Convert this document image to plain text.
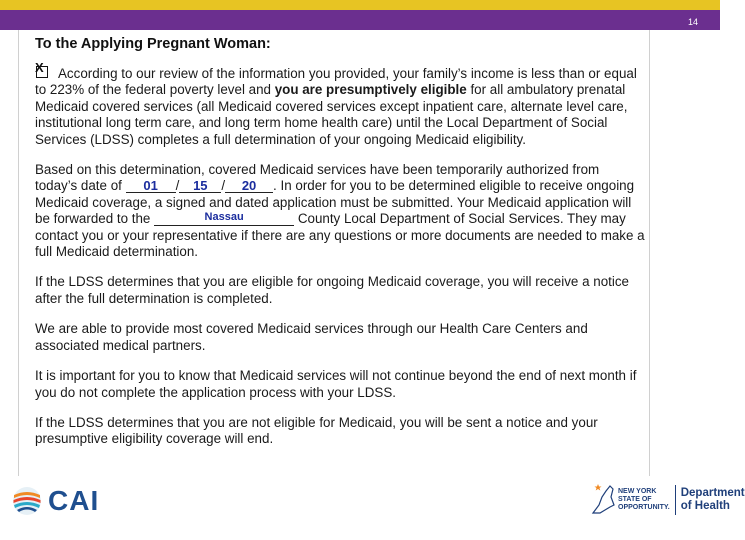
14
To the Applying Pregnant Woman:

X According to our review of the information you provided, your family’s income is less than or equal to 223% of the federal poverty level and you are presumptively eligible for all ambulatory prenatal Medicaid covered services (all Medicaid covered services except inpatient care, alternate level care, institutional long term care, and long term home health care) until the Local Department of Social Services (LDSS) completes a full determination of your ongoing Medicaid eligibility.

Based on this determination, covered Medicaid services have been temporarily authorized from today’s date of 01 / 15 / 20 . In order for you to be determined eligible to receive ongoing Medicaid coverage, a signed and dated application must be submitted. Your Medicaid application will be forwarded to the	$^{Nassau}$	County Local Department of Social Services. They may contact you or your representative if there are any questions or more documents are needed to make a full Medicaid determination.

If the LDSS determines that you are eligible for ongoing Medicaid coverage, you will receive a notice after the full determination is completed.

We are able to provide most covered Medicaid services through our Health Care Centers and associated medical partners.

It is important for you to know that Medicaid services will not continue beyond the end of next month if you do not complete the application process with your LDSS.

If the LDSS determines that you are not eligible for Medicaid, you will be sent a notice and your presumptive eligibility coverage will end.

CAI	NEW YORK
STATE OF
OPPORTUNITY.
Department
of Health
